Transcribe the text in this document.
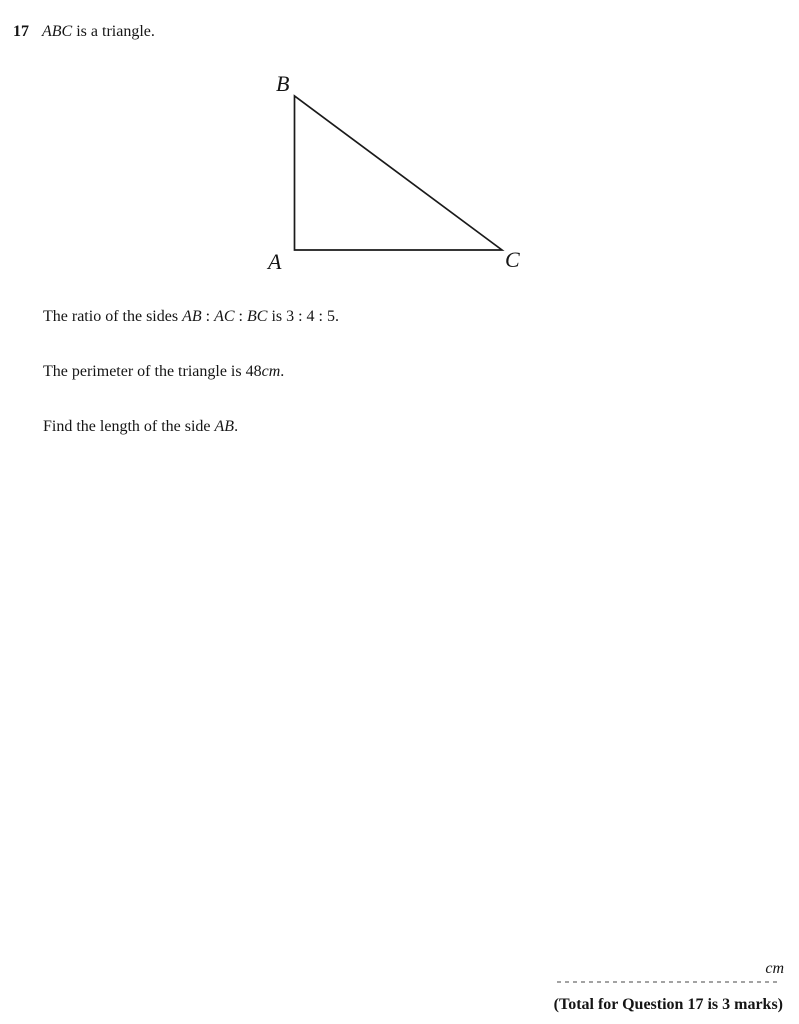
17 ABC is a triangle.
B
A	C
The ratio of the sides AB : AC : BC is 3 : 4 : 5.
The perimeter of the triangle is 48cm.
Find the length of the side AB.
cm
(Total for Question 17 is 3 marks)
